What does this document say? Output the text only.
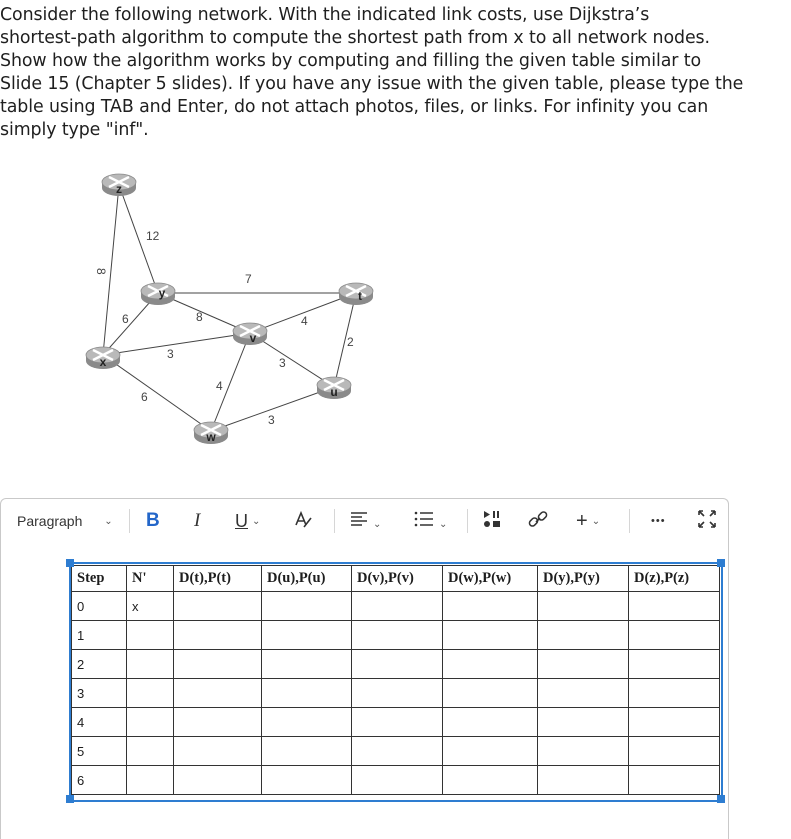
Consider the following network. With the indicated link costs, use Dijkstra’s

shortest-path algorithm to compute the shortest path from x to all network nodes.

Show how the algorithm works by computing and filling the given table similar to

Slide 15 (Chapter 5 slides). If you have any issue with the given table, please type the

table using TAB and Enter, do not attach photos, files, or links. For infinity you can

simply type "inf".

8
12
7
6	8
3
4
2
3
6
4
3
z
y
x
v
t
u
w
Paragraph ⌄ B I U ⌄	⌄	⌄	+ ⌄	•••
Step	N'	D(t),P(t)	D(u),P(u)	D(v),P(v)	D(w),P(w)	D(y),P(y)	D(z),P(z)
0	x						
1							
2							
3							
4							
5							
6							
